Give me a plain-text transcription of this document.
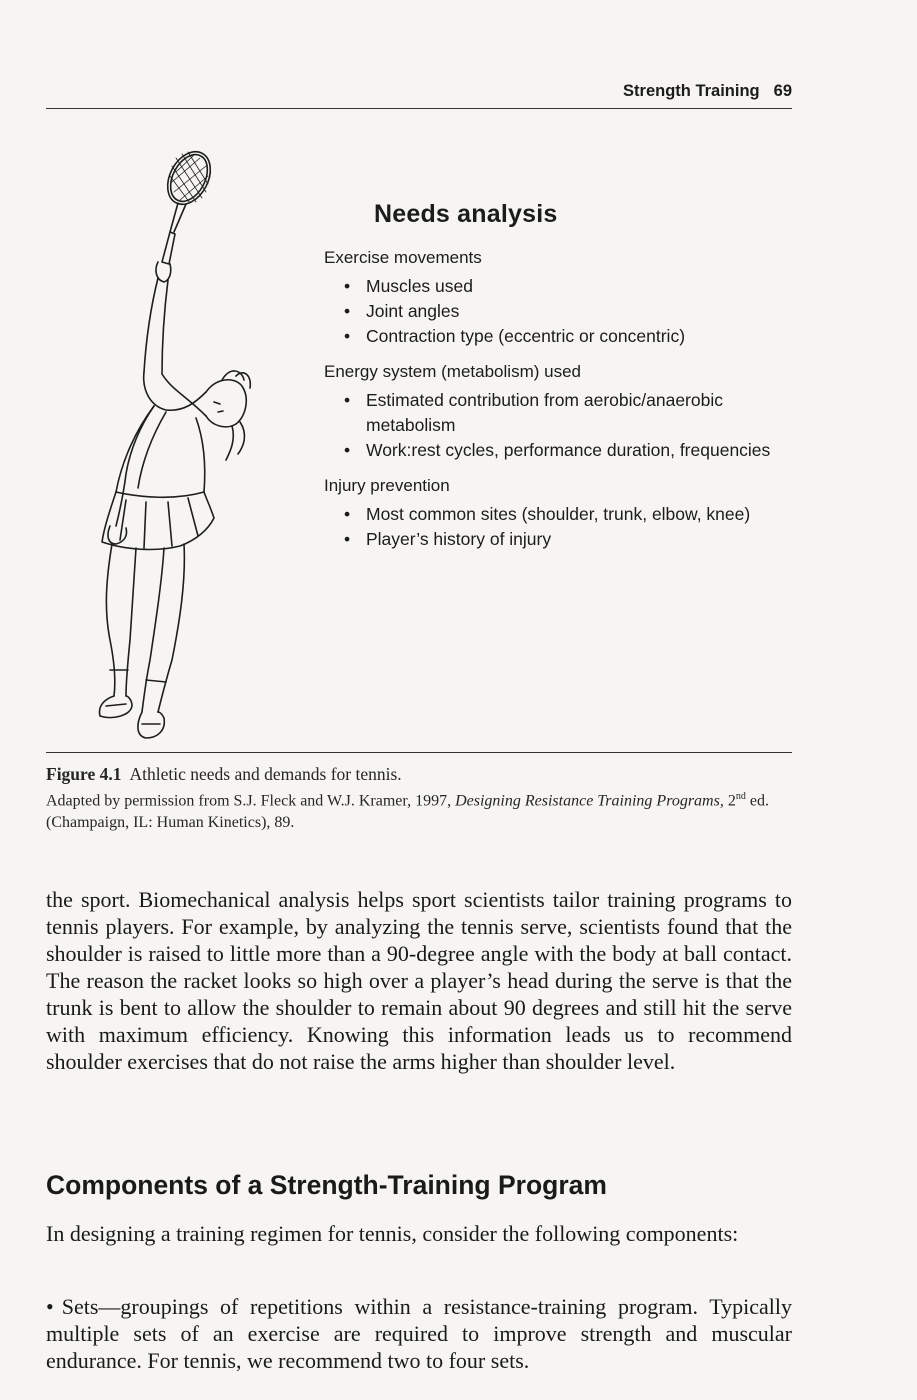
Strength Training 69
Needs analysis
Exercise movements
• Muscles used
• Joint angles
• Contraction type (eccentric or concentric)
Energy system (metabolism) used
• Estimated contribution from aerobic/anaerobic metabolism
• Work:rest cycles, performance duration, frequencies
Injury prevention
• Most common sites (shoulder, trunk, elbow, knee)
• Player’s history of injury
Figure 4.1 Athletic needs and demands for tennis.
Adapted by permission from S.J. Fleck and W.J. Kramer, 1997, Designing Resistance Training Programs, 2nd ed. (Champaign, IL: Human Kinetics), 89.
the sport. Biomechanical analysis helps sport scientists tailor training programs to tennis players. For example, by analyzing the tennis serve, scientists found that the shoulder is raised to little more than a 90-degree angle with the body at ball contact. The reason the racket looks so high over a player’s head during the serve is that the trunk is bent to allow the shoulder to remain about 90 degrees and still hit the serve with maximum efficiency. Knowing this information leads us to recommend shoulder exercises that do not raise the arms higher than shoulder level.
Components of a Strength-Training Program
In designing a training regimen for tennis, consider the following components:
• Sets—groupings of repetitions within a resistance-training program. Typically multiple sets of an exercise are required to improve strength and muscular endurance. For tennis, we recommend two to four sets.
